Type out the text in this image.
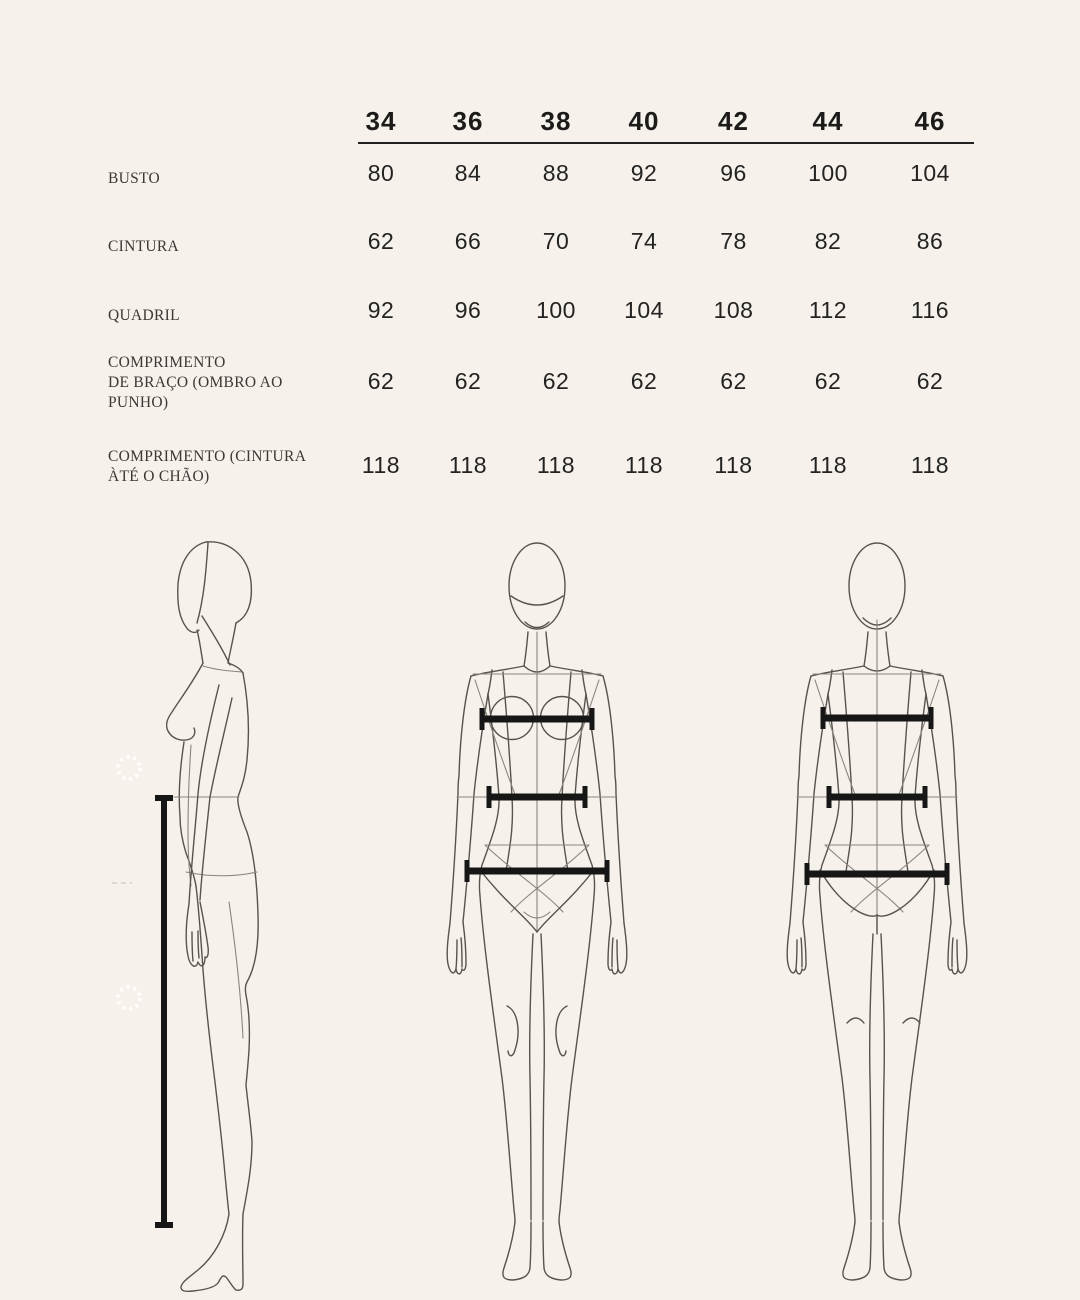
34	36	38	40	42	44	46
BUSTO	80	84	88	92	96	100	104
CINTURA	62	66	70	74	78	82	86
QUADRIL	92	96	100	104	108	112	116
COMPRIMENTO
DE BRAÇO (OMBRO AO
PUNHO)
62	62	62	62	62	62	62
COMPRIMENTO (CINTURA
ÀTÉ O CHÃO)	118	118	118	118	118	118	118
